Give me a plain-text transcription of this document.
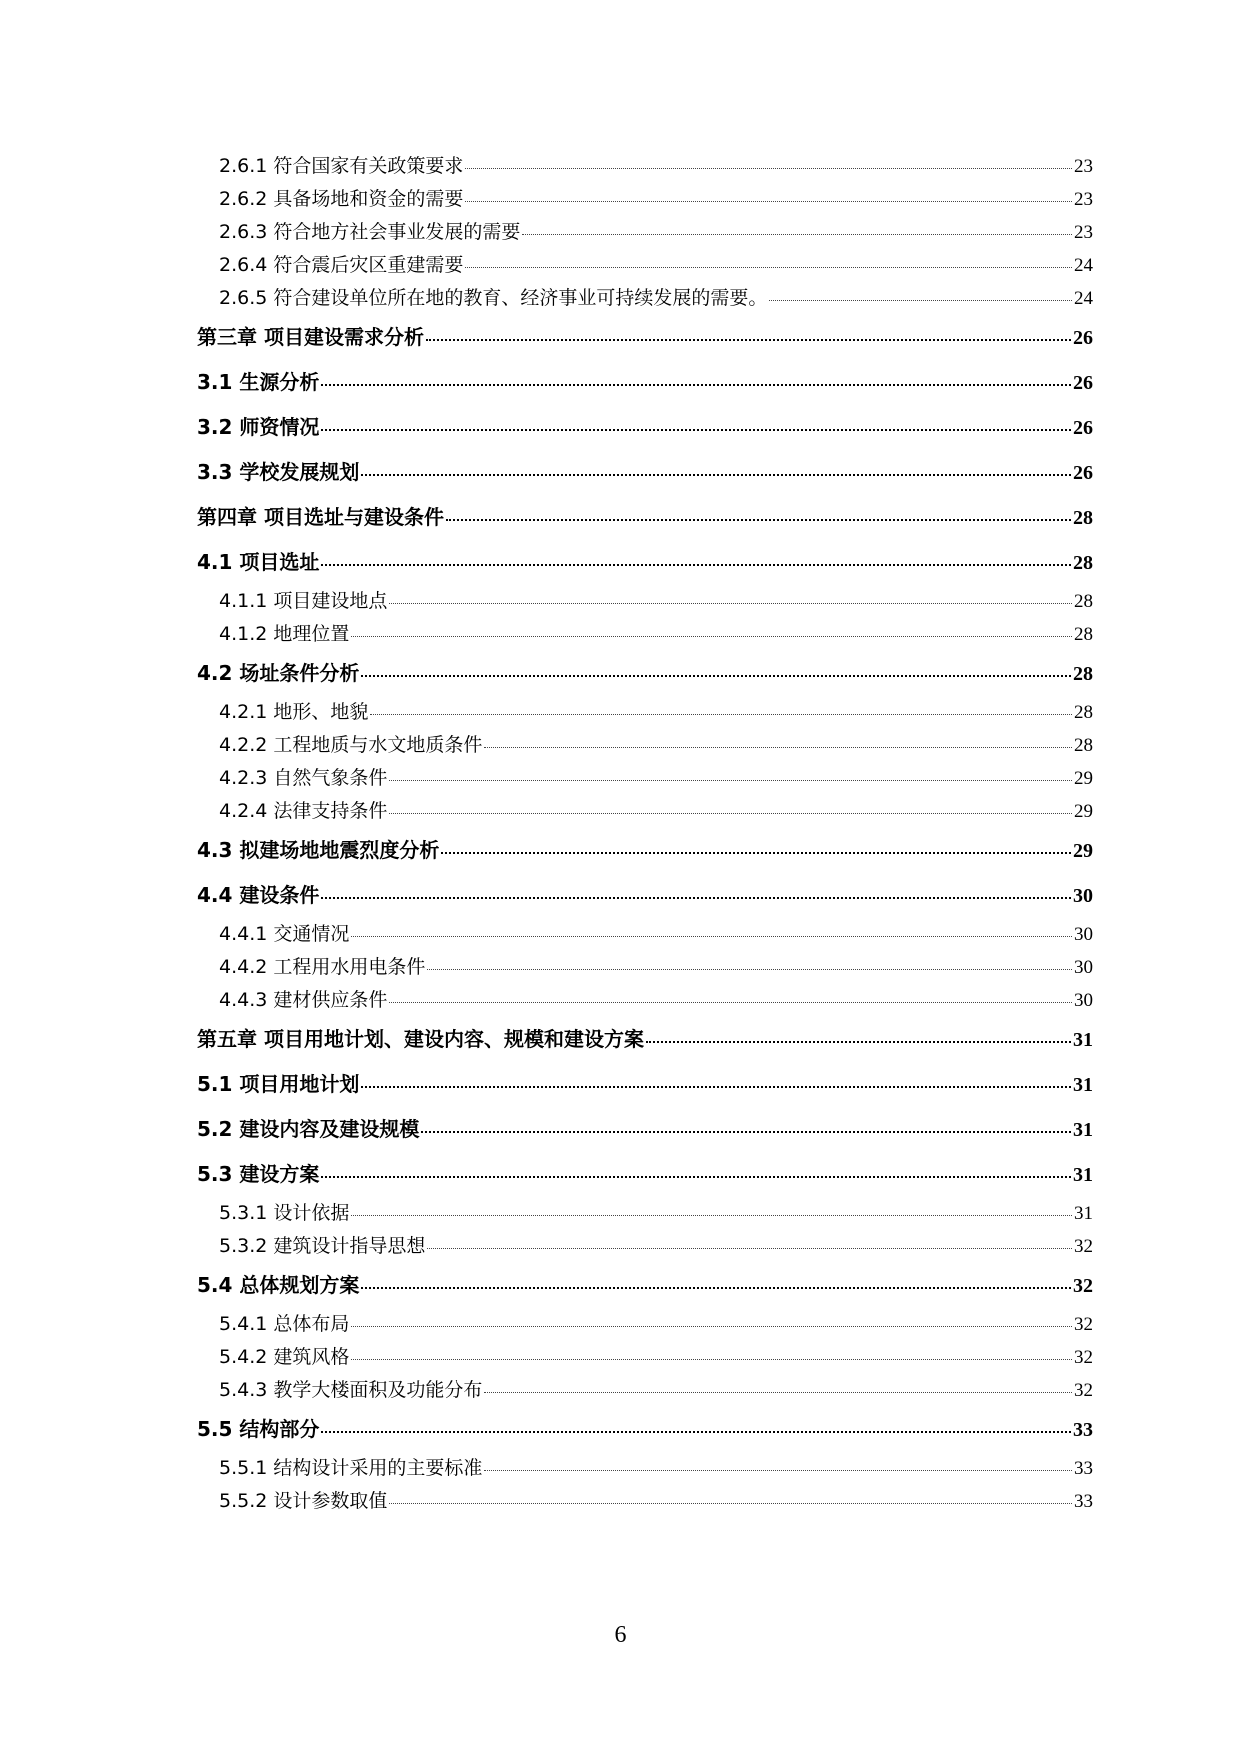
2.6.1 符合国家有关政策要求	23
2.6.2 具备场地和资金的需要	23
2.6.3 符合地方社会事业发展的需要	23
2.6.4 符合震后灾区重建需要	24
2.6.5 符合建设单位所在地的教育、经济事业可持续发展的需要。	24
第三章 项目建设需求分析	26
3.1 生源分析	26
3.2 师资情况	26
3.3 学校发展规划	26
第四章 项目选址与建设条件	28
4.1 项目选址	28
4.1.1 项目建设地点	28
4.1.2 地理位置	28
4.2 场址条件分析	28
4.2.1 地形、地貌	28
4.2.2 工程地质与水文地质条件	28
4.2.3 自然气象条件	29
4.2.4 法律支持条件	29
4.3 拟建场地地震烈度分析	29
4.4 建设条件	30
4.4.1 交通情况	30
4.4.2 工程用水用电条件	30
4.4.3 建材供应条件	30
第五章 项目用地计划、建设内容、规模和建设方案	31
5.1 项目用地计划	31
5.2 建设内容及建设规模	31
5.3 建设方案	31
5.3.1 设计依据	31
5.3.2 建筑设计指导思想	32
5.4 总体规划方案	32
5.4.1 总体布局	32
5.4.2 建筑风格	32
5.4.3 教学大楼面积及功能分布	32
5.5 结构部分	33
5.5.1 结构设计采用的主要标准	33
5.5.2 设计参数取值	33
6
